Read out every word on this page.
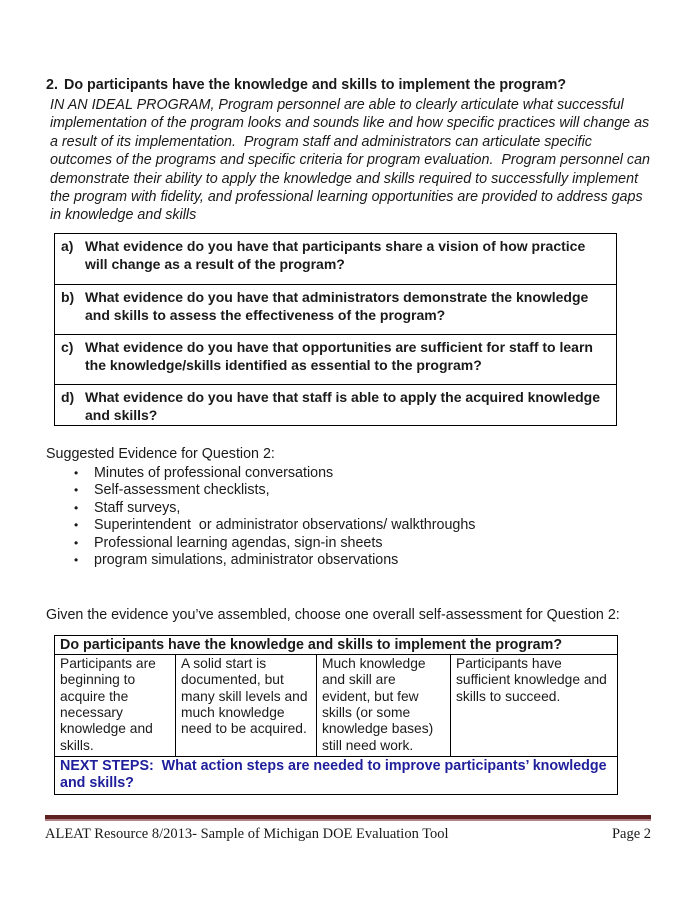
2. Do participants have the knowledge and skills to implement the program?
IN AN IDEAL PROGRAM, Program personnel are able to clearly articulate what successful implementation of the program looks and sounds like and how specific practices will change as a result of its implementation.  Program staff and administrators can articulate specific outcomes of the programs and specific criteria for program evaluation.  Program personnel can demonstrate their ability to apply the knowledge and skills required to successfully implement the program with fidelity, and professional learning opportunities are provided to address gaps in knowledge and skills
a) What evidence do you have that participants share a vision of how practice will change as a result of the program?
b) What evidence do you have that administrators demonstrate the knowledge and skills to assess the effectiveness of the program?
c) What evidence do you have that opportunities are sufficient for staff to learn the knowledge/skills identified as essential to the program?
d) What evidence do you have that staff is able to apply the acquired knowledge and skills?
Suggested Evidence for Question 2:
•	Minutes of professional conversations
•	Self-assessment checklists,
•	Staff surveys,
•	Superintendent  or administrator observations/ walkthroughs
•	Professional learning agendas, sign-in sheets
•	program simulations, administrator observations
Given the evidence you’ve assembled, choose one overall self-assessment for Question 2:
Do participants have the knowledge and skills to implement the program?
Participants are beginning to acquire the necessary knowledge and skills.	A solid start is documented, but many skill levels and much knowledge need to be acquired.	Much knowledge and skill are evident, but few skills (or some knowledge bases) still need work.	Participants have sufficient knowledge and skills to succeed.
NEXT STEPS:  What action steps are needed to improve participants’ knowledge and skills?
ALEAT Resource 8/2013- Sample of Michigan DOE Evaluation Tool	Page 2
